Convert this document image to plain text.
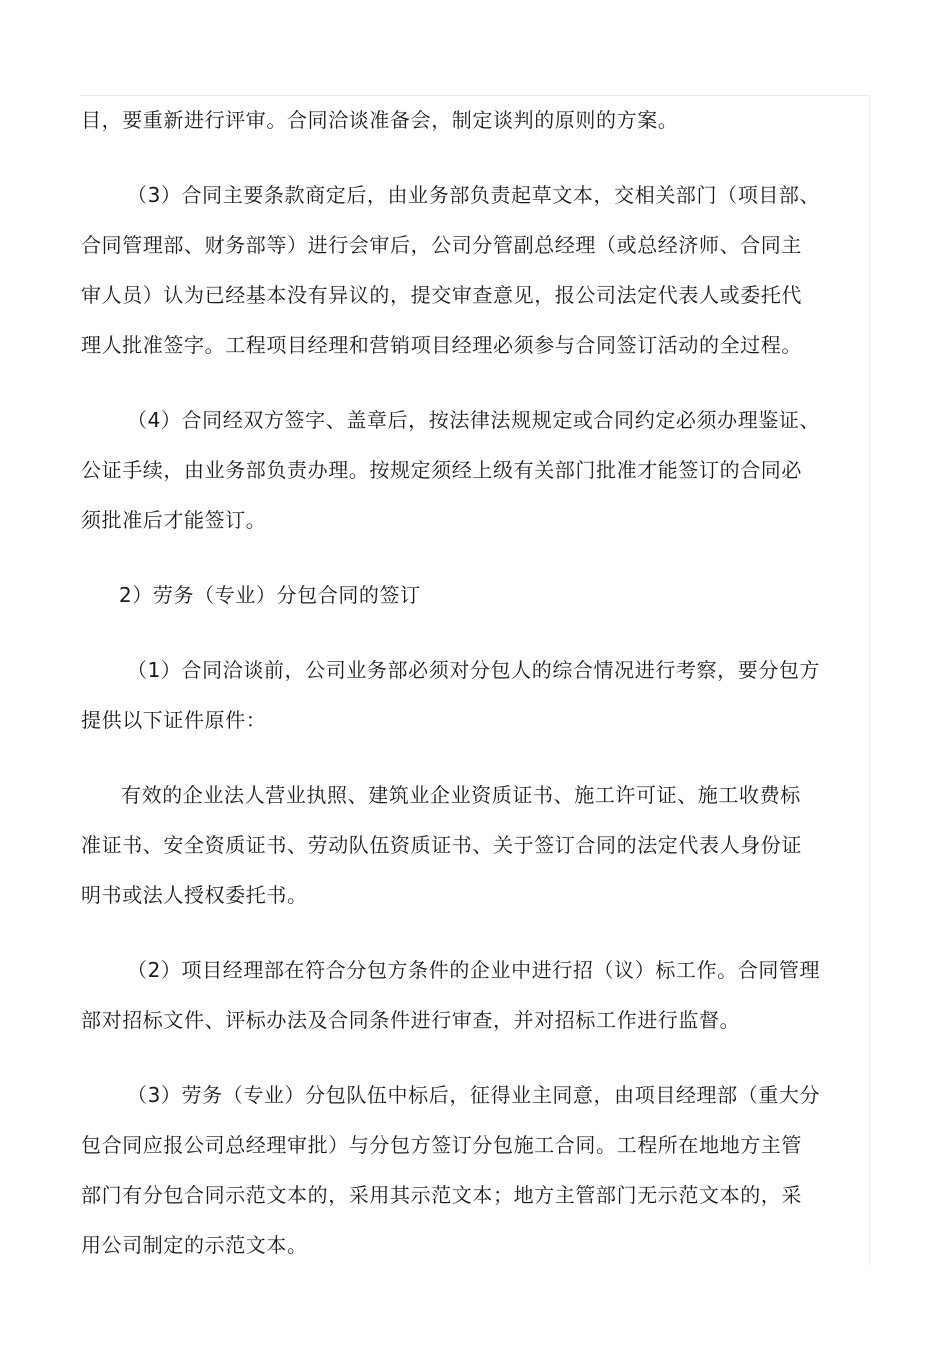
目，要重新进行评审。合同洽谈准备会，制定谈判的原则的方案。
（3）合同主要条款商定后，由业务部负责起草文本，交相关部门（项目部、
合同管理部、财务部等）进行会审后，公司分管副总经理（或总经济师、合同主
审人员）认为已经基本没有异议的，提交审查意见，报公司法定代表人或委托代
理人批准签字。工程项目经理和营销项目经理必须参与合同签订活动的全过程。
（4）合同经双方签字、盖章后，按法律法规规定或合同约定必须办理鉴证、
公证手续，由业务部负责办理。按规定须经上级有关部门批准才能签订的合同必
须批准后才能签订。
2）劳务（专业）分包合同的签订
（1）合同洽谈前，公司业务部必须对分包人的综合情况进行考察，要分包方
提供以下证件原件：
有效的企业法人营业执照、建筑业企业资质证书、施工许可证、施工收费标
准证书、安全资质证书、劳动队伍资质证书、关于签订合同的法定代表人身份证
明书或法人授权委托书。
（2）项目经理部在符合分包方条件的企业中进行招（议）标工作。合同管理
部对招标文件、评标办法及合同条件进行审查，并对招标工作进行监督。
（3）劳务（专业）分包队伍中标后，征得业主同意，由项目经理部（重大分
包合同应报公司总经理审批）与分包方签订分包施工合同。工程所在地地方主管
部门有分包合同示范文本的，采用其示范文本；地方主管部门无示范文本的，采
用公司制定的示范文本。
